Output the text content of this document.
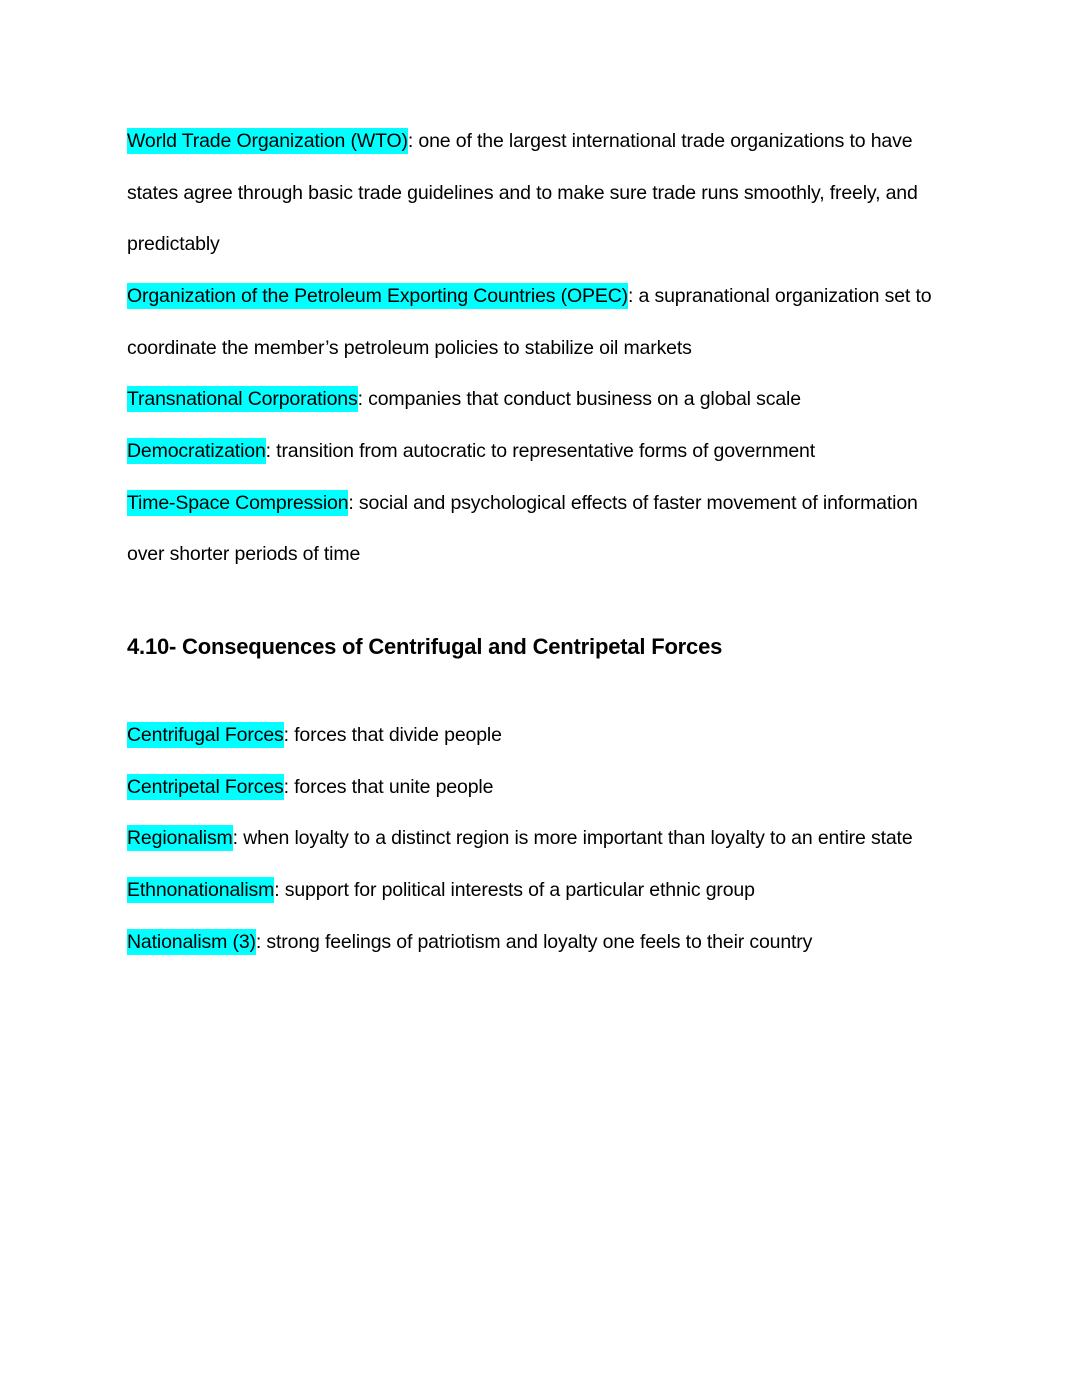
World Trade Organization (WTO): one of the largest international trade organizations to have
states agree through basic trade guidelines and to make sure trade runs smoothly, freely, and
predictably
Organization of the Petroleum Exporting Countries (OPEC): a supranational organization set to
coordinate the member’s petroleum policies to stabilize oil markets
Transnational Corporations: companies that conduct business on a global scale
Democratization: transition from autocratic to representative forms of government
Time-Space Compression: social and psychological effects of faster movement of information
over shorter periods of time
4.10- Consequences of Centrifugal and Centripetal Forces
Centrifugal Forces: forces that divide people
Centripetal Forces: forces that unite people
Regionalism: when loyalty to a distinct region is more important than loyalty to an entire state
Ethnonationalism: support for political interests of a particular ethnic group
Nationalism (3): strong feelings of patriotism and loyalty one feels to their country
